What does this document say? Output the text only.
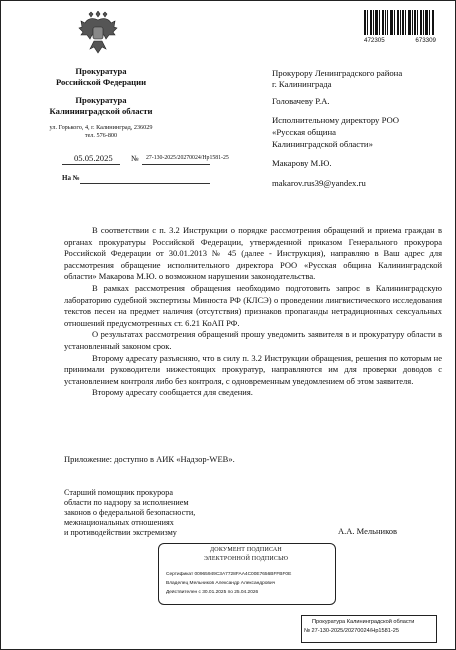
Прокуратура
Российской Федерации
Прокуратура
Калининградской области
ул. Горького, 4, г. Калининград, 236029
тел. 576-800
05.05.2025 № 27-130-2025/20270024/Нр1581-25
На №
472305	673309
Прокурору Ленинградского района
г. Калининграда
Головачеву Р.А.
Исполнительному директору РОО
«Русская община
Калининградской области»
Макарову М.Ю.
makarov.rus39@yandex.ru

В соответствии с п. 3.2 Инструкции о порядке рассмотрения обращений и приема граждан в органах прокуратуры Российской Федерации, утвержденной приказом Генерального прокурора Российской Федерации от 30.01.2013 № 45 (далее - Инструкция), направляю в Ваш адрес для рассмотрения обращение исполнительного директора РОО «Русская община Калининградской области» Макарова М.Ю. о возможном нарушении законодательства.

В рамках рассмотрения обращения необходимо подготовить запрос в Калининградскую лабораторию судебной экспертизы Минюста РФ (КЛСЭ) о проведении лингвистического исследования текстов песен на предмет наличия (отсутствия) признаков пропаганды нетрадиционных сексуальных отношений предусмотренных ст. 6.21 КоАП РФ.

О результатах рассмотрения обращений прошу уведомить заявителя в и прокуратуру области в установленный законом срок.

Второму адресату разъясняю, что в силу п. 3.2 Инструкции обращения, решения по которым не принимали руководители нижестоящих прокуратур, направляются им для проверки доводов с установлением контроля либо без контроля, с одновременным уведомлением об этом заявителя.

Второму адресату сообщается для сведения.

Приложение: доступно в АИК «Надзор-WEB».
Старший помощник прокурора
области по надзору за исполнением
законов о федеральной безопасности,
межнациональных отношениях
и противодействии экстремизму	А.А. Мельников
ДОКУМЕНТ ПОДПИСАН
ЭЛЕКТРОННОЙ ПОДПИСЬЮ
Сертификат 00965949C3A7728FAA4C00E7656BFFBF0E
Владелец Мельников Александр Александрович
Действителен с 30.01.2025 по 25.04.2026
Прокуратура Калининградской области
№ 27-130-2025/20270024/Нр1581-25
